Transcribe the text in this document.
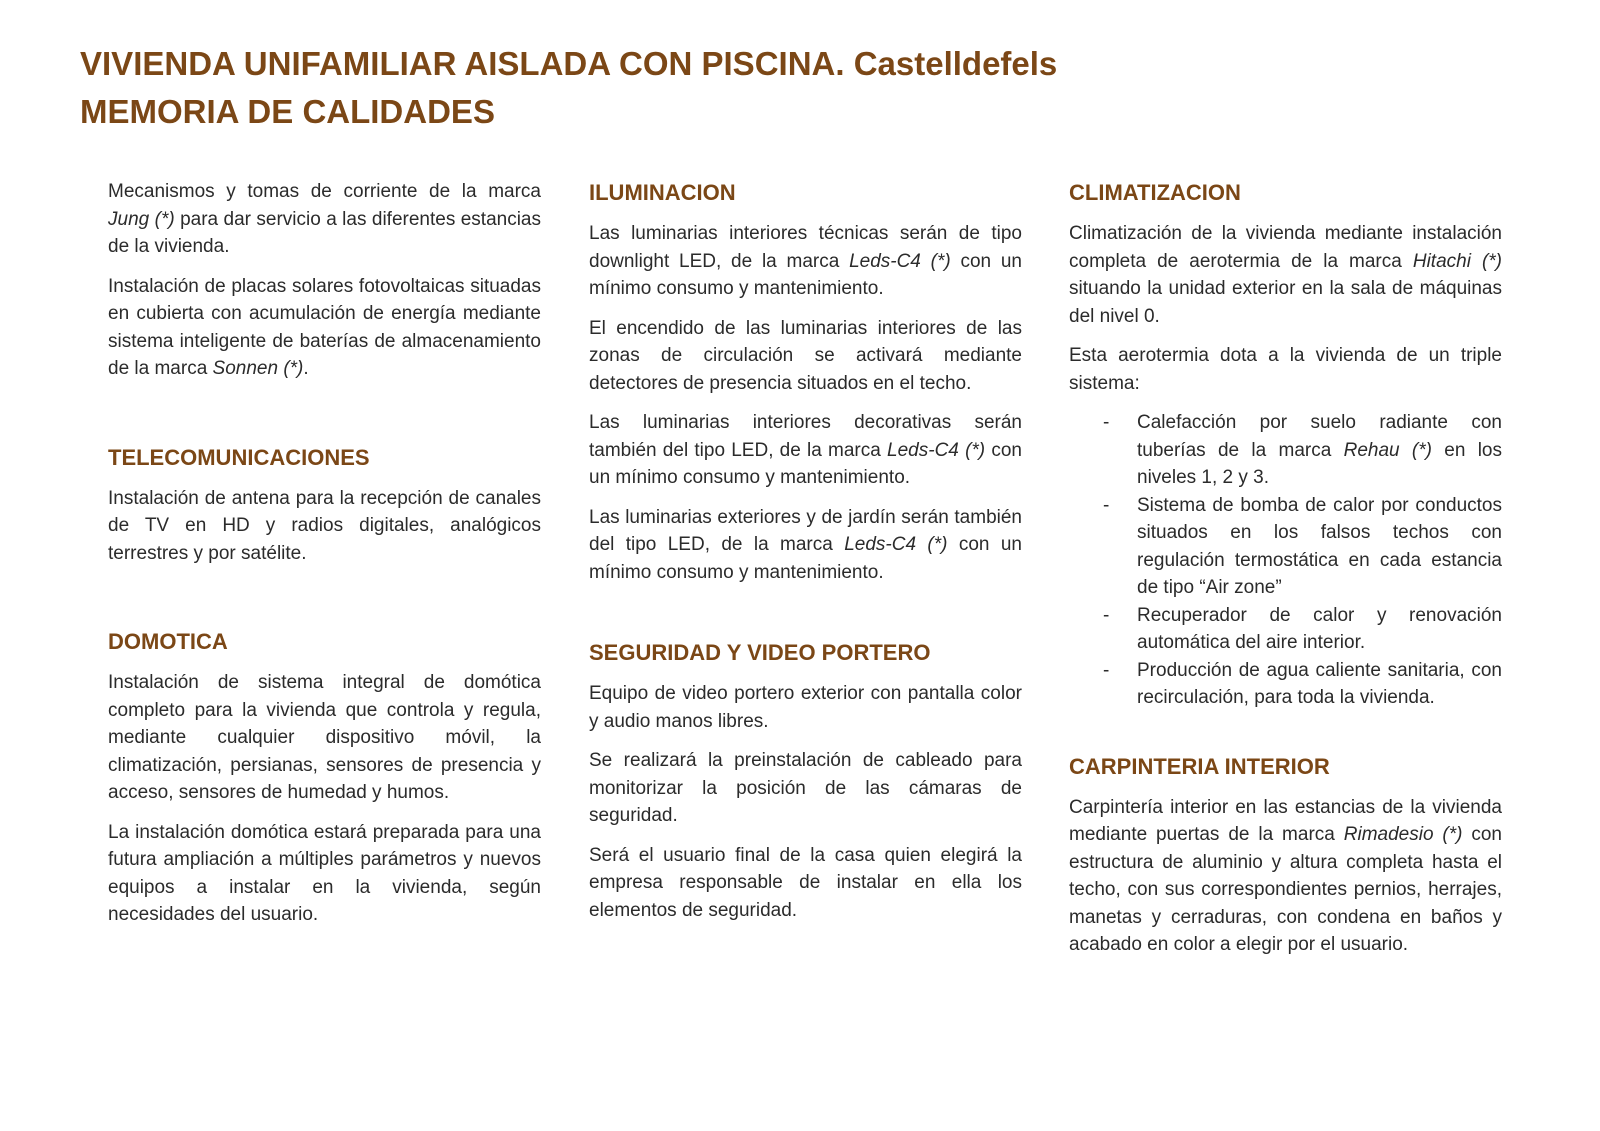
VIVIENDA UNIFAMILIAR AISLADA CON PISCINA. Castelldefels
MEMORIA DE CALIDADES

Mecanismos y tomas de corriente de la marca Jung (*) para dar servicio a las diferentes estancias de la vivienda.

Instalación de placas solares fotovoltaicas situadas en cubierta con acumulación de energía mediante sistema inteligente de baterías de almacenamiento de la marca Sonnen (*).

TELECOMUNICACIONES

Instalación de antena para la recepción de canales de TV en HD y radios digitales, analógicos terrestres y por satélite.

DOMOTICA

Instalación de sistema integral de domótica completo para la vivienda que controla y regula, mediante cualquier dispositivo móvil, la climatización, persianas, sensores de presencia y acceso, sensores de humedad y humos.

La instalación domótica estará preparada para una futura ampliación a múltiples parámetros y nuevos equipos a instalar en la vivienda, según necesidades del usuario.

ILUMINACION

Las luminarias interiores técnicas serán de tipo downlight LED, de la marca Leds-C4 (*) con un mínimo consumo y mantenimiento.

El encendido de las luminarias interiores de las zonas de circulación se activará mediante detectores de presencia situados en el techo.

Las luminarias interiores decorativas serán también del tipo LED, de la marca Leds-C4 (*) con un mínimo consumo y mantenimiento.

Las luminarias exteriores y de jardín serán también del tipo LED, de la marca Leds-C4 (*) con un mínimo consumo y mantenimiento.

SEGURIDAD Y VIDEO PORTERO

Equipo de video portero exterior con pantalla color y audio manos libres.

Se realizará la preinstalación de cableado para monitorizar la posición de las cámaras de seguridad.

Será el usuario final de la casa quien elegirá la empresa responsable de instalar en ella los elementos de seguridad.

CLIMATIZACION

Climatización de la vivienda mediante instalación completa de aerotermia de la marca Hitachi (*) situando la unidad exterior en la sala de máquinas del nivel 0.

Esta aerotermia dota a la vivienda de un triple sistema:

- Calefacción por suelo radiante con tuberías de la marca Rehau (*) en los niveles 1, 2 y 3.
- Sistema de bomba de calor por conductos situados en los falsos techos con regulación termostática en cada estancia de tipo “Air zone”
- Recuperador de calor y renovación automática del aire interior.
- Producción de agua caliente sanitaria, con recirculación, para toda la vivienda.
CARPINTERIA INTERIOR

Carpintería interior en las estancias de la vivienda mediante puertas de la marca Rimadesio (*) con estructura de aluminio y altura completa hasta el techo, con sus correspondientes pernios, herrajes, manetas y cerraduras, con condena en baños y acabado en color a elegir por el usuario.
